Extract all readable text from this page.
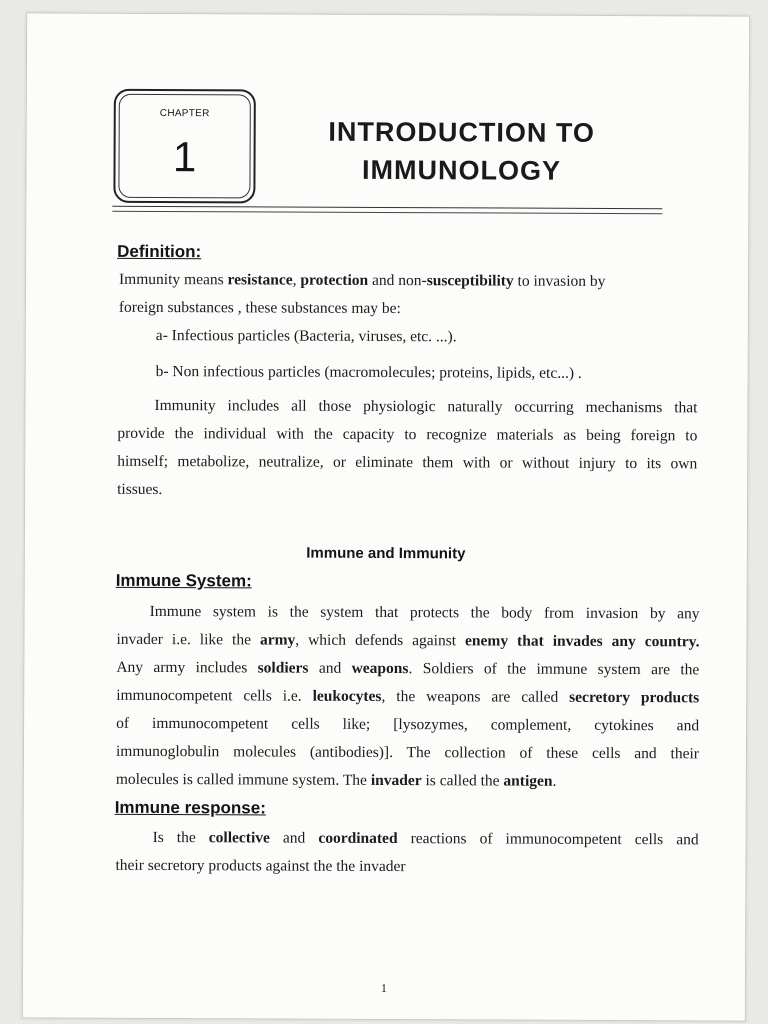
CHAPTER
1
INTRODUCTION TO
IMMUNOLOGY
Definition:
Immunity means resistance, protection and non-susceptibility to invasion by
foreign substances , these substances may be:
a- Infectious particles (Bacteria, viruses, etc. ...).
b- Non infectious particles (macromolecules; proteins, lipids, etc...) .
Immunity includes all those physiologic naturally occurring mechanisms that
provide the individual with the capacity to recognize materials as being foreign to
himself; metabolize, neutralize, or eliminate them with or without injury to its own
tissues.
Immune and Immunity
Immune System:
Immune system is the system that protects the body from invasion by any
invader i.e. like the army, which defends against enemy that invades any country.
Any army includes soldiers and weapons. Soldiers of the immune system are the
immunocompetent cells i.e. leukocytes, the weapons are called secretory products
of immunocompetent cells like; [lysozymes, complement, cytokines and
immunoglobulin molecules (antibodies)]. The collection of these cells and their
molecules is called immune system. The invader is called the antigen.
Immune response:
Is the collective and coordinated reactions of immunocompetent cells and
their secretory products against the the invader
1
